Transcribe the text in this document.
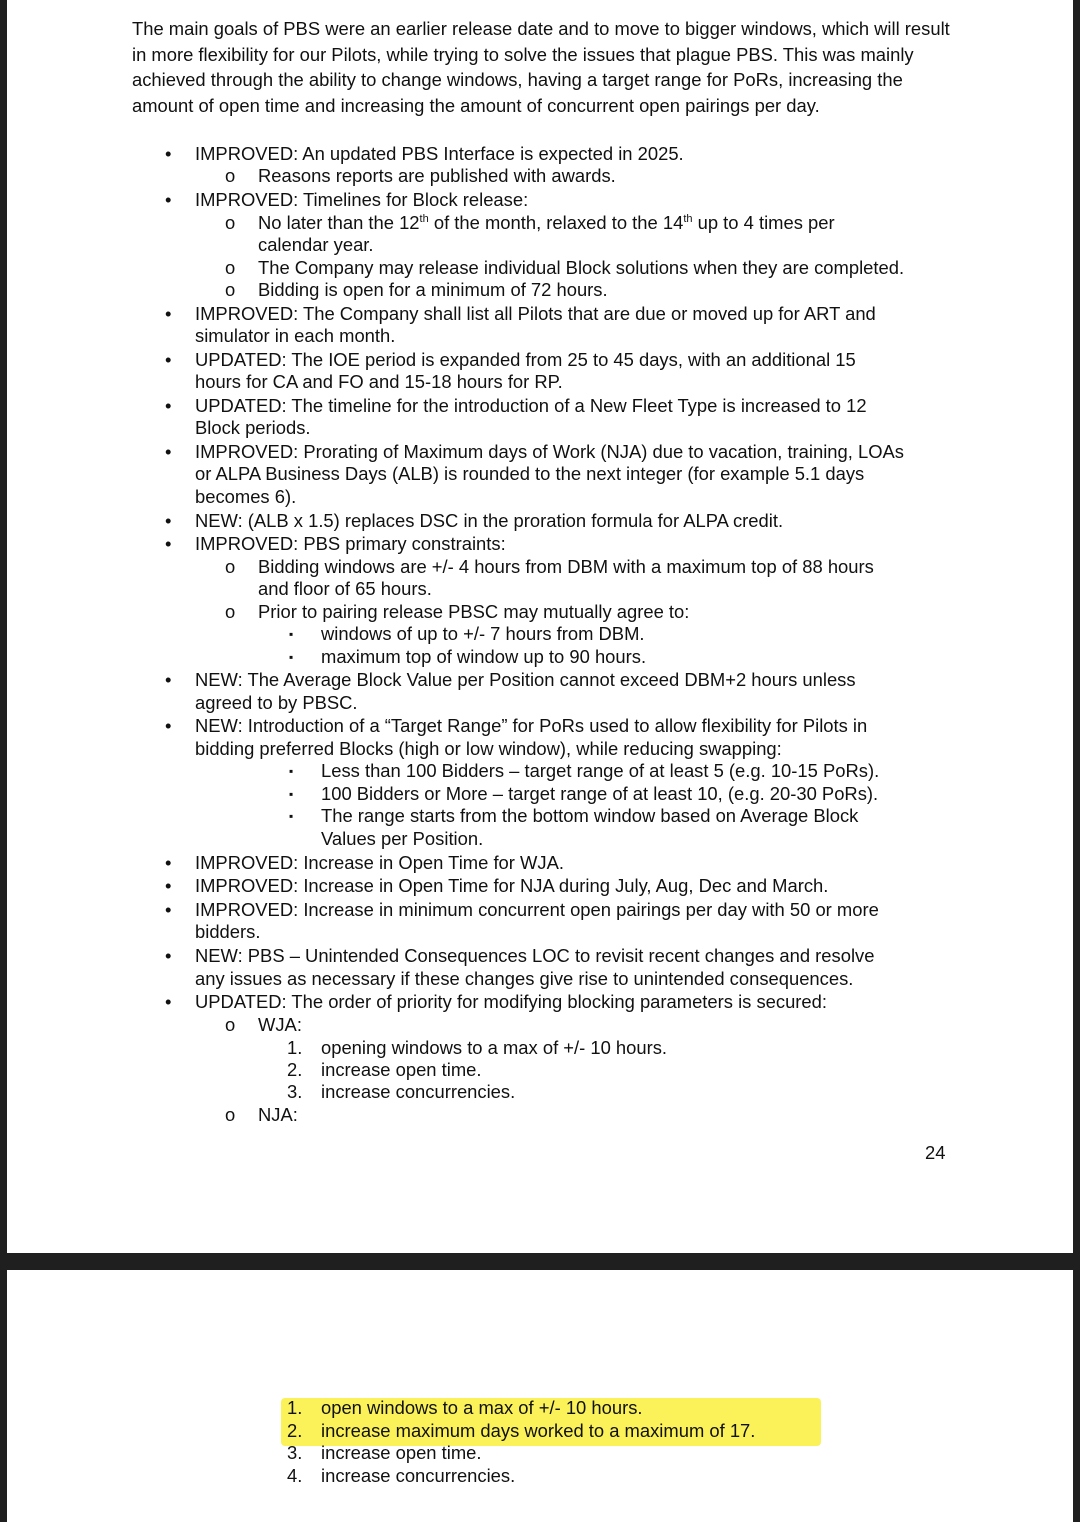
The main goals of PBS were an earlier release date and to move to bigger windows, which will result in more flexibility for our Pilots, while trying to solve the issues that plague PBS. This was mainly achieved through the ability to change windows, having a target range for PoRs, increasing the amount of open time and increasing the amount of concurrent open pairings per day.

• IMPROVED: An updated PBS Interface is expected in 2025.
o Reasons reports are published with awards.
• IMPROVED: Timelines for Block release:
o No later than the 12th of the month, relaxed to the 14th up to 4 times per
calendar year.
o The Company may release individual Block solutions when they are completed.
o Bidding is open for a minimum of 72 hours.
• IMPROVED: The Company shall list all Pilots that are due or moved up for ART and
simulator in each month.
• UPDATED: The IOE period is expanded from 25 to 45 days, with an additional 15
hours for CA and FO and 15-18 hours for RP.
• UPDATED: The timeline for the introduction of a New Fleet Type is increased to 12
Block periods.
• IMPROVED: Prorating of Maximum days of Work (NJA) due to vacation, training, LOAs
or ALPA Business Days (ALB) is rounded to the next integer (for example 5.1 days
becomes 6).
• NEW: (ALB x 1.5) replaces DSC in the proration formula for ALPA credit.
• IMPROVED: PBS primary constraints:
o Bidding windows are +/- 4 hours from DBM with a maximum top of 88 hours
and floor of 65 hours.
o Prior to pairing release PBSC may mutually agree to:
▪ windows of up to +/- 7 hours from DBM.
▪ maximum top of window up to 90 hours.
• NEW: The Average Block Value per Position cannot exceed DBM+2 hours unless
agreed to by PBSC.
• NEW: Introduction of a “Target Range” for PoRs used to allow flexibility for Pilots in
bidding preferred Blocks (high or low window), while reducing swapping:
▪ Less than 100 Bidders – target range of at least 5 (e.g. 10-15 PoRs).
▪ 100 Bidders or More – target range of at least 10, (e.g. 20-30 PoRs).
▪ The range starts from the bottom window based on Average Block
Values per Position.
• IMPROVED: Increase in Open Time for WJA.
• IMPROVED: Increase in Open Time for NJA during July, Aug, Dec and March.
• IMPROVED: Increase in minimum concurrent open pairings per day with 50 or more
bidders.
• NEW: PBS – Unintended Consequences LOC to revisit recent changes and resolve
any issues as necessary if these changes give rise to unintended consequences.
• UPDATED: The order of priority for modifying blocking parameters is secured:
o WJA:
1. opening windows to a max of +/- 10 hours.
2. increase open time.
3. increase concurrencies.
o NJA:
24
1. open windows to a max of +/- 10 hours.
2. increase maximum days worked to a maximum of 17.
3. increase open time.
4. increase concurrencies.
